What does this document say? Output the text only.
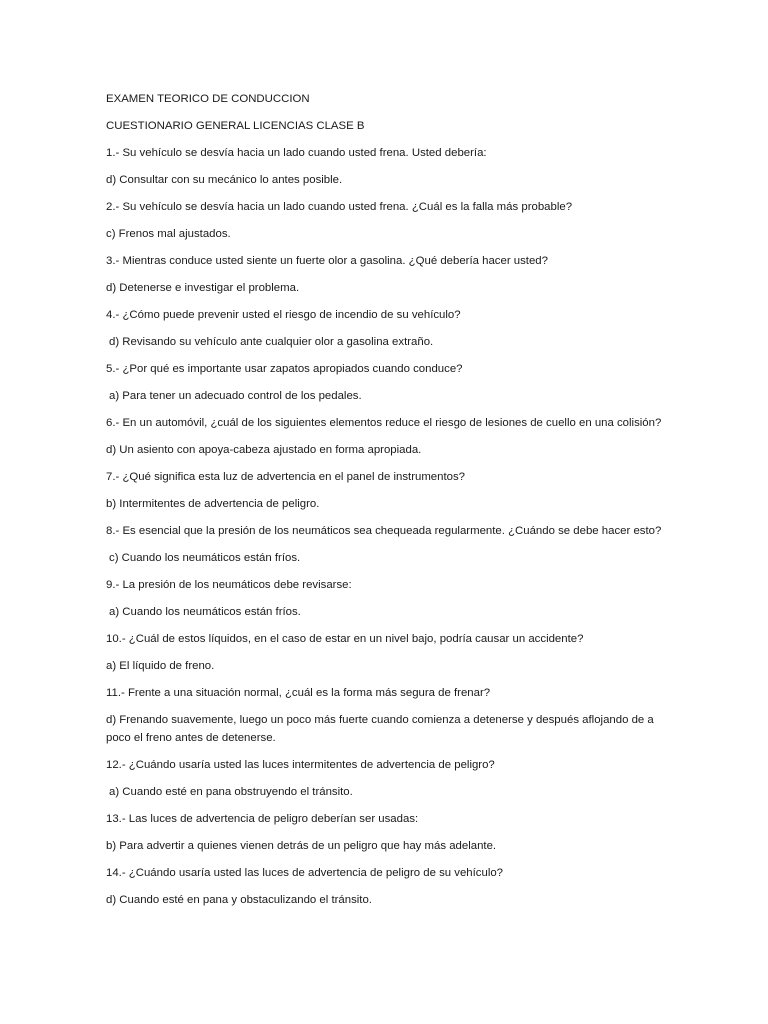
EXAMEN TEORICO DE CONDUCCION

CUESTIONARIO GENERAL LICENCIAS CLASE B

1.- Su vehículo se desvía hacia un lado cuando usted frena. Usted debería:

d) Consultar con su mecánico lo antes posible.

2.- Su vehículo se desvía hacia un lado cuando usted frena. ¿Cuál es la falla más probable?

c) Frenos mal ajustados.

3.- Mientras conduce usted siente un fuerte olor a gasolina. ¿Qué debería hacer usted?

d) Detenerse e investigar el problema.

4.- ¿Cómo puede prevenir usted el riesgo de incendio de su vehículo?

d) Revisando su vehículo ante cualquier olor a gasolina extraño.

5.- ¿Por qué es importante usar zapatos apropiados cuando conduce?

a) Para tener un adecuado control de los pedales.

6.- En un automóvil, ¿cuál de los siguientes elementos reduce el riesgo de lesiones de cuello en una colisión?

d) Un asiento con apoya-cabeza ajustado en forma apropiada.

7.- ¿Qué significa esta luz de advertencia en el panel de instrumentos?

b) Intermitentes de advertencia de peligro.

8.- Es esencial que la presión de los neumáticos sea chequeada regularmente. ¿Cuándo se debe hacer esto?

c) Cuando los neumáticos están fríos.

9.- La presión de los neumáticos debe revisarse:

a) Cuando los neumáticos están fríos.

10.- ¿Cuál de estos líquidos, en el caso de estar en un nivel bajo, podría causar un accidente?

a) El líquido de freno.

11.- Frente a una situación normal, ¿cuál es la forma más segura de frenar?

d) Frenando suavemente, luego un poco más fuerte cuando comienza a detenerse y después aflojando de a poco el freno antes de detenerse.

12.- ¿Cuándo usaría usted las luces intermitentes de advertencia de peligro?

a) Cuando esté en pana obstruyendo el tránsito.

13.- Las luces de advertencia de peligro deberían ser usadas:

b) Para advertir a quienes vienen detrás de un peligro que hay más adelante.

14.- ¿Cuándo usaría usted las luces de advertencia de peligro de su vehículo?

d) Cuando esté en pana y obstaculizando el tránsito.
